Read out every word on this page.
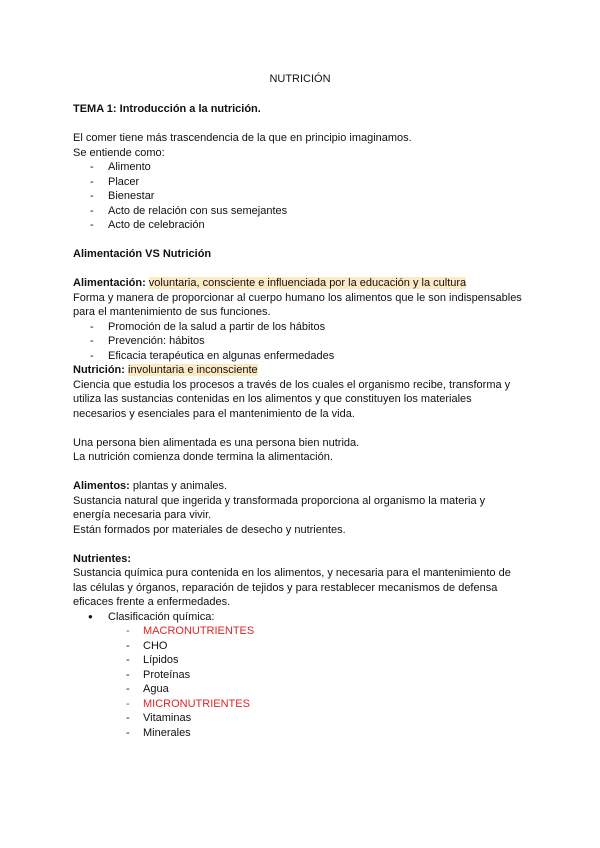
NUTRICIÓN

TEMA 1: Introducción a la nutrición.

El comer tiene más trascendencia de la que en principio imaginamos.

Se entiende como:

- Alimento
- Placer
- Bienestar
- Acto de relación con sus semejantes
- Acto de celebración

Alimentación VS Nutrición

Alimentación: voluntaria, consciente e influenciada por la educación y la cultura

Forma y manera de proporcionar al cuerpo humano los alimentos que le son indispensables para el mantenimiento de sus funciones.

- Promoción de la salud a partir de los hábitos
- Prevención: hábitos
- Eficacia terapéutica en algunas enfermedades

Nutrición: involuntaria e inconsciente

Ciencia que estudia los procesos a través de los cuales el organismo recibe, transforma y utiliza las sustancias contenidas en los alimentos y que constituyen los materiales necesarios y esenciales para el mantenimiento de la vida.

Una persona bien alimentada es una persona bien nutrida.

La nutrición comienza donde termina la alimentación.

Alimentos: plantas y animales.

Sustancia natural que ingerida y transformada proporciona al organismo la materia y energía necesaria para vivir.

Están formados por materiales de desecho y nutrientes.

Nutrientes:

Sustancia química pura contenida en los alimentos, y necesaria para el mantenimiento de las células y órganos, reparación de tejidos y para restablecer mecanismos de defensa eficaces frente a enfermedades.

● Clasificación química:
- MACRONUTRIENTES
- CHO
- Lípidos
- Proteínas
- Agua
- MICRONUTRIENTES
- Vitaminas
- Minerales
